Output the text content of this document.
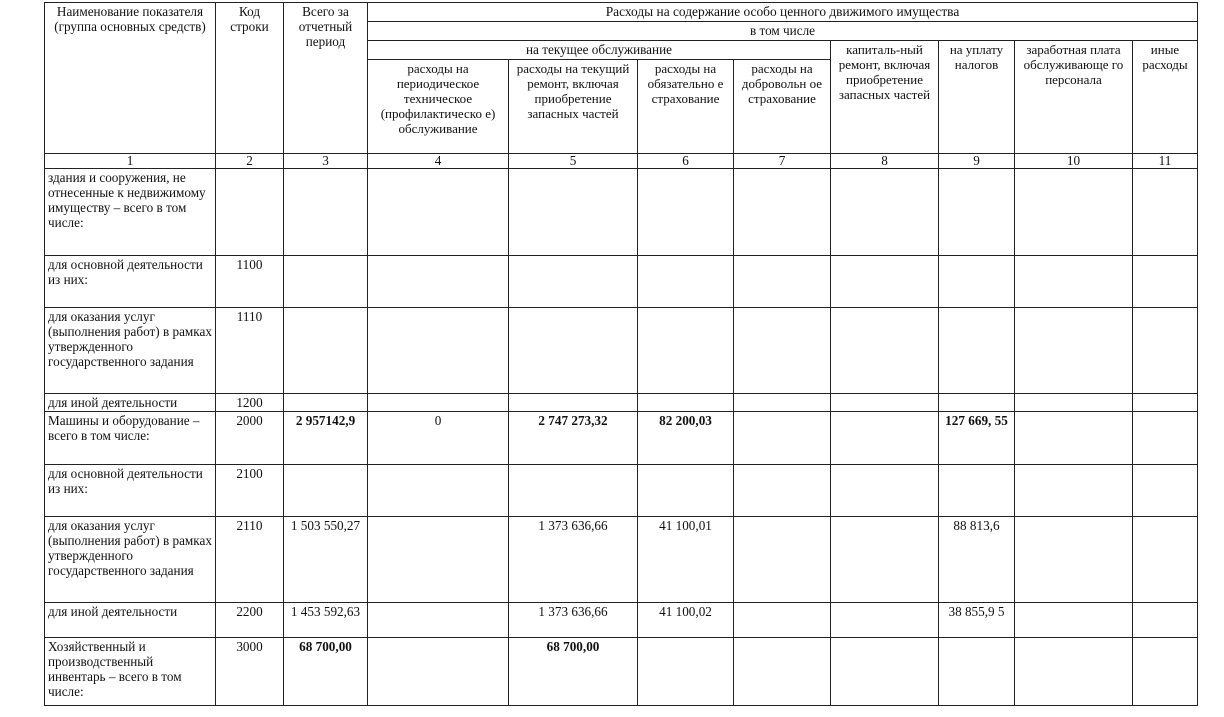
Наименование показателя (группа основных средств)	Код строки	Всего за отчетный период	Расходы на содержание особо ценного движимого имущества							
			в том числе							
			на текущее обслуживание				капиталь-ный ремонт, включая приобретение запасных частей	на уплату налогов	заработная плата обслуживающе го персонала	иные расходы
			расходы на периодическое техническое (профилактическо е) обслуживание	расходы на текущий ремонт, включая приобретение запасных частей	расходы на обязательно е страхование	расходы на добровольн ое страхование				
1	2	3	4	5	6	7	8	9	10	11
здания и сооружения, не отнесенные к недвижимому имуществу – всего в том числе:										
для основной деятельности из них:	1100									
для оказания услуг (выполнения работ) в рамках утвержденного государственного задания	1110									
для иной деятельности	1200									
Машины и оборудование – всего в том числе:	2000	2 957142,9	0	2 747 273,32	82 200,03			127 669, 55		
для основной деятельности из них:	2100									
для оказания услуг (выполнения работ) в рамках утвержденного государственного задания	2110	1 503 550,27		1 373 636,66	41 100,01			88 813,6		
для иной деятельности	2200	1 453 592,63		1 373 636,66	41 100,02			38 855,9 5		
Хозяйственный и производственный инвентарь – всего в том числе:	3000	68 700,00		68 700,00						
